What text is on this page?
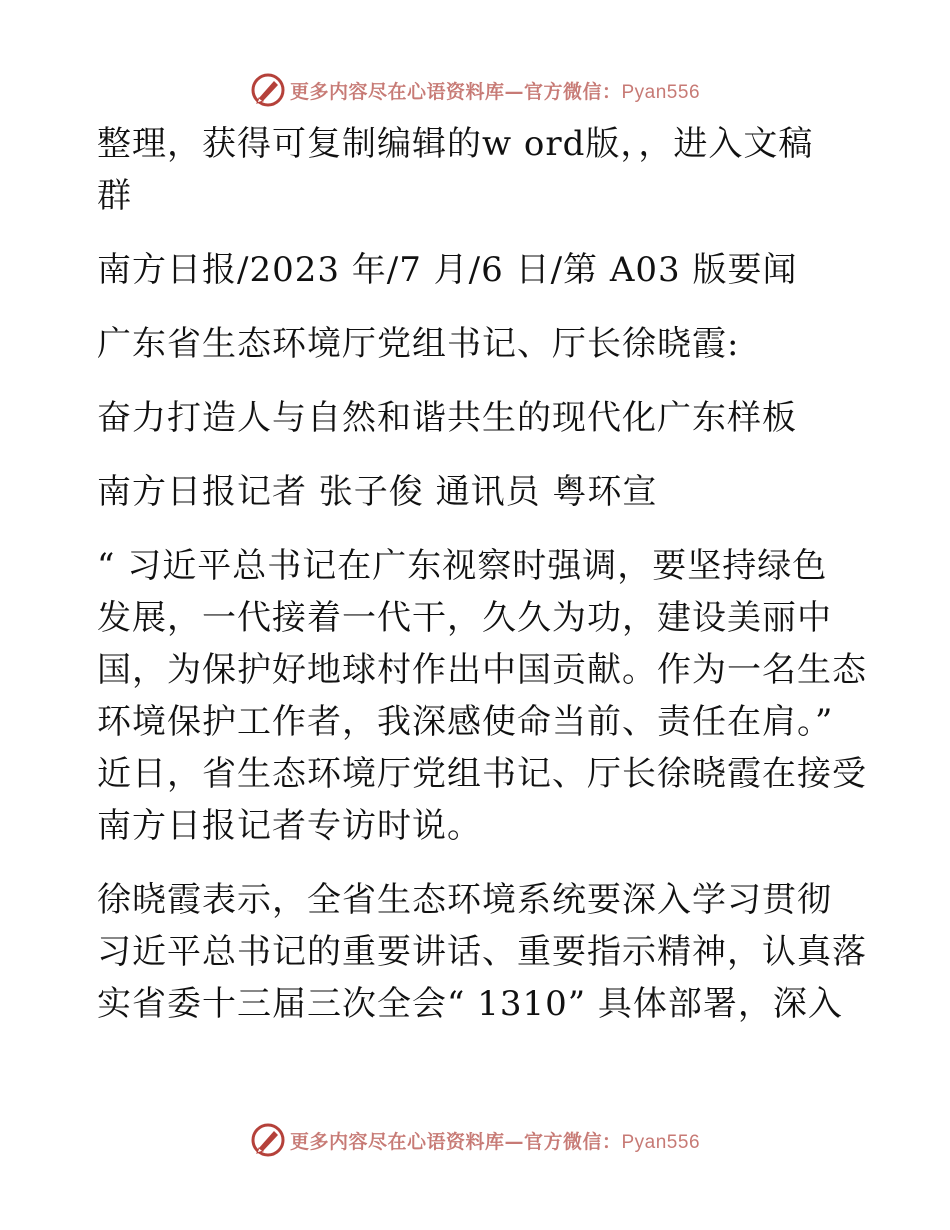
更多内容尽在心语资料库—官方微信：Pyan556

整理，获得可复制编辑的w ord版，，进入文稿

群

南方日报/2023 年/7 月/6 日/第 A03 版要闻

广东省生态环境厅党组书记、厅长徐晓霞:

奋力打造人与自然和谐共生的现代化广东样板

南方日报记者 张子俊 通讯员 粤环宣

“ 习近平总书记在广东视察时强调，要坚持绿色

发展，一代接着一代干，久久为功，建设美丽中

国，为保护好地球村作出中国贡献。作为一名生态

环境保护工作者，我深感使命当前、责任在肩。”

近日，省生态环境厅党组书记、厅长徐晓霞在接受

南方日报记者专访时说。

徐晓霞表示，全省生态环境系统要深入学习贯彻

习近平总书记的重要讲话、重要指示精神，认真落

实省委十三届三次全会“ 1310” 具体部署，深入

更多内容尽在心语资料库—官方微信：Pyan556
